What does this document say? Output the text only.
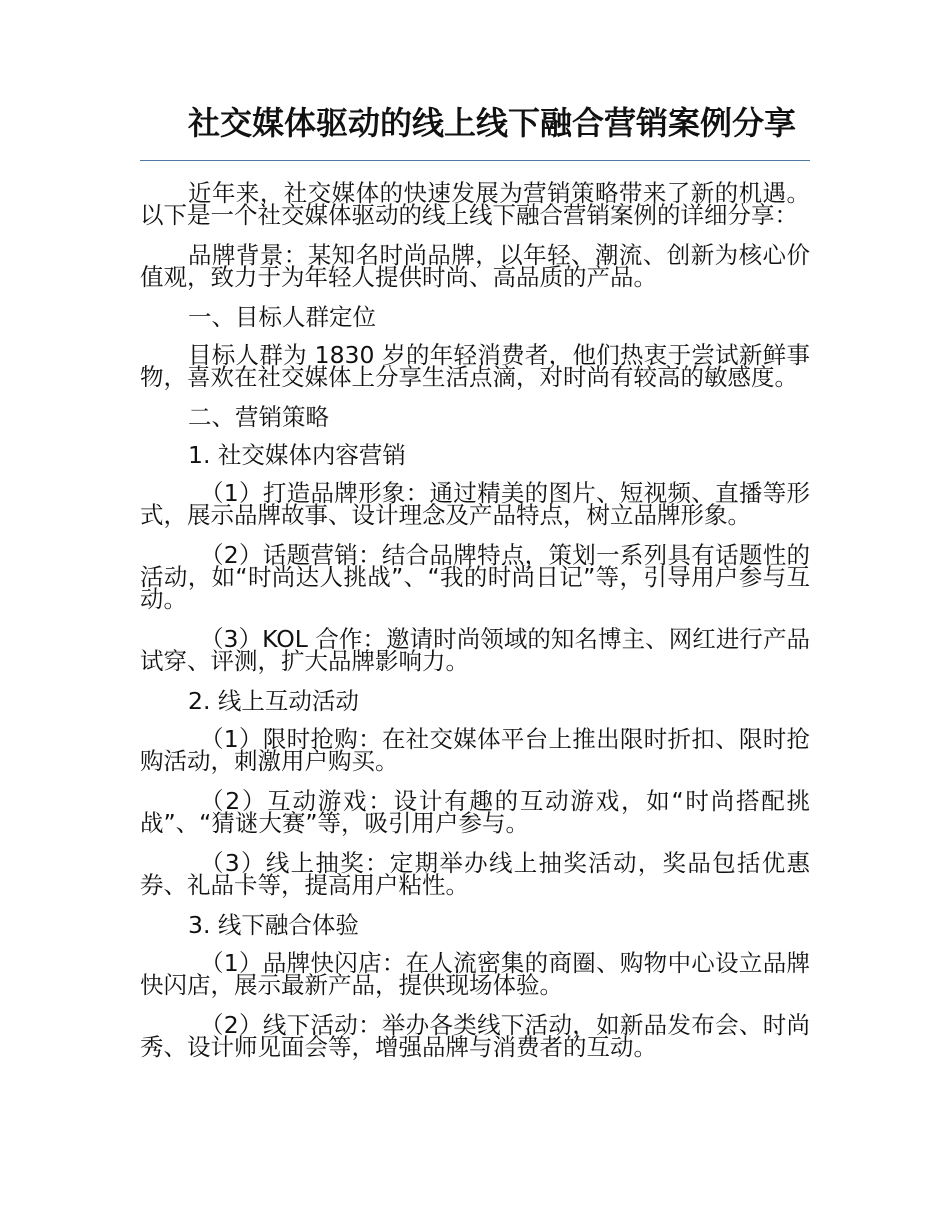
社交媒体驱动的线上线下融合营销案例分享

近年来，社交媒体的快速发展为营销策略带来了新的机遇。以下是一个社交媒体驱动的线上线下融合营销案例的详细分享：

品牌背景：某知名时尚品牌，以年轻、潮流、创新为核心价值观，致力于为年轻人提供时尚、高品质的产品。

一、目标人群定位

目标人群为 1830 岁的年轻消费者，他们热衷于尝试新鲜事物，喜欢在社交媒体上分享生活点滴，对时尚有较高的敏感度。

二、营销策略

1. 社交媒体内容营销

（1）打造品牌形象：通过精美的图片、短视频、直播等形式，展示品牌故事、设计理念及产品特点，树立品牌形象。

（2）话题营销：结合品牌特点，策划一系列具有话题性的活动，如“时尚达人挑战”、“我的时尚日记”等，引导用户参与互动。

（3）KOL 合作：邀请时尚领域的知名博主、网红进行产品试穿、评测，扩大品牌影响力。

2. 线上互动活动

（1）限时抢购：在社交媒体平台上推出限时折扣、限时抢购活动，刺激用户购买。

（2）互动游戏：设计有趣的互动游戏，如“时尚搭配挑战”、“猜谜大赛”等，吸引用户参与。

（3）线上抽奖：定期举办线上抽奖活动，奖品包括优惠券、礼品卡等，提高用户粘性。

3. 线下融合体验

（1）品牌快闪店：在人流密集的商圈、购物中心设立品牌快闪店，展示最新产品，提供现场体验。

（2）线下活动：举办各类线下活动，如新品发布会、时尚秀、设计师见面会等，增强品牌与消费者的互动。
